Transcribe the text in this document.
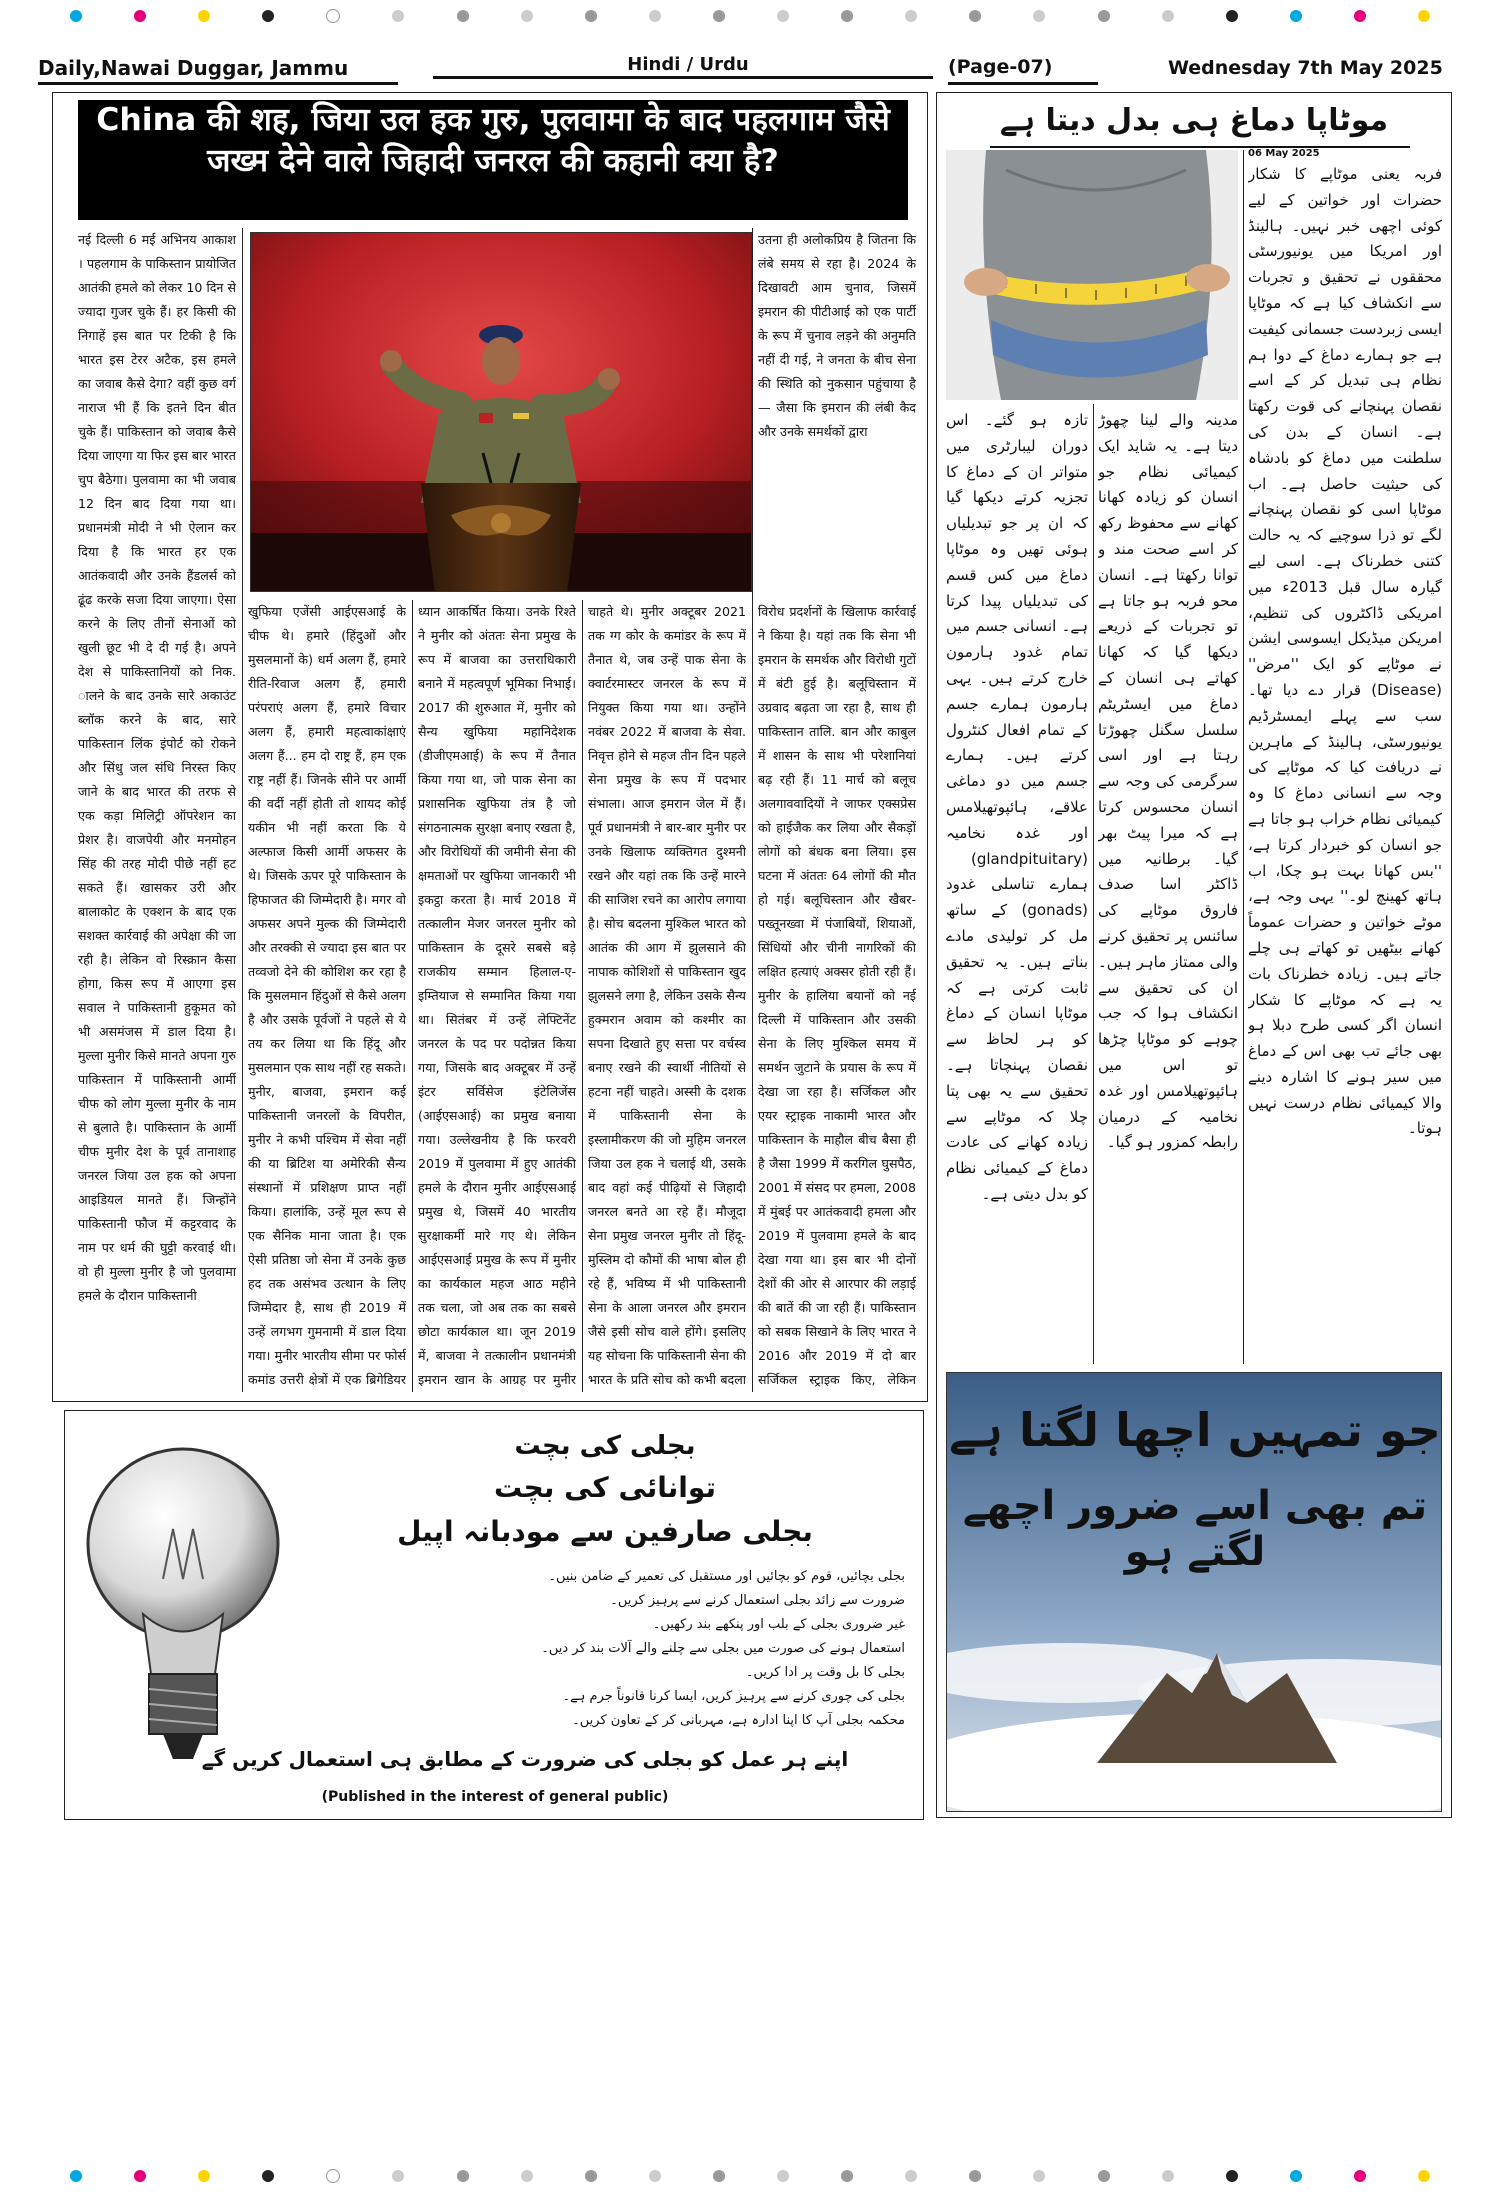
Daily,Nawai Duggar, Jammu	Hindi / Urdu	(Page-07)	Wednesday 7th May 2025
China की शह, जिया उल हक गुरु, पुलवामा के बाद पहलगाम जैसे जख्म देने वाले जिहादी जनरल की कहानी क्या है?
नई दिल्ली 6 मई अभिनय आकाश । पहलगाम के पाकिस्तान प्रायोजित आतंकी हमले को लेकर 10 दिन से ज्यादा गुजर चुके हैं। हर किसी की निगाहें इस बात पर टिकी है कि भारत इस टेरर अटैक, इस हमले का जवाब कैसे देगा? वहीं कुछ वर्ग नाराज भी हैं कि इतने दिन बीत चुके हैं। पाकिस्तान को जवाब कैसे दिया जाएगा या फिर इस बार भारत चुप बैठेगा। पुलवामा का भी जवाब 12 दिन बाद दिया गया था। प्रधानमंत्री मोदी ने भी ऐलान कर दिया है कि भारत हर एक आतंकवादी और उनके हैंडलर्स को ढूंढ करके सजा दिया जाएगा। ऐसा करने के लिए तीनों सेनाओं को खुली छूट भी दे दी गई है। अपने देश से पाकिस्तानियों को निक. ालने के बाद उनके सारे अकाउंट ब्लॉक करने के बाद, सारे पाकिस्तान लिंक इंपोर्ट को रोकने और सिंधु जल संधि निरस्त किए जाने के बाद भारत की तरफ से एक कड़ा मिलिट्री ऑपरेशन का प्रेशर है। वाजपेयी और मनमोहन सिंह की तरह मोदी पीछे नहीं हट सकते हैं। खासकर उरी और बालाकोट के एक्शन के बाद एक सशक्त कार्रवाई की अपेक्षा की जा रही है। लेकिन वो रिस्क्रान कैसा होगा, किस रूप में आएगा इस सवाल ने पाकिस्तानी हुकूमत को भी असमंजस में डाल दिया है। मुल्ला मुनीर किसे मानते अपना गुरु पाकिस्तान में पाकिस्तानी आर्मी चीफ को लोग मुल्ला मुनीर के नाम से बुलाते है। पाकिस्तान के आर्मी चीफ मुनीर देश के पूर्व तानाशाह जनरल जिया उल हक को अपना आइडियल मानते हैं। जिन्होंने पाकिस्तानी फौज में कट्टरवाद के नाम पर धर्म की घुट्टी करवाई थी। वो ही मुल्ला मुनीर है जो पुलवामा हमले के दौरान पाकिस्तानी
खुफिया एजेंसी आईएसआई के चीफ थे। हमारे (हिंदुओं और मुसलमानों के) धर्म अलग हैं, हमारे रीति-रिवाज अलग हैं, हमारी परंपराएं अलग हैं, हमारे विचार अलग हैं, हमारी महत्वाकांक्षाएं अलग हैं... हम दो राष्ट्र हैं, हम एक राष्ट्र नहीं हैं। जिनके सीने पर आर्मी की वर्दी नहीं होती तो शायद कोई यकीन भी नहीं करता कि ये अल्फाज किसी आर्मी अफसर के थे। जिसके ऊपर पूरे पाकिस्तान के हिफाजत की जिम्मेदारी है। मगर वो अफसर अपने मुल्क की जिम्मेदारी और तरक्की से ज्यादा इस बात पर तव्वजो देने की कोशिश कर रहा है कि मुसलमान हिंदुओं से कैसे अलग है और उसके पूर्वजों ने पहले से ये तय कर लिया था कि हिंदू और मुसलमान एक साथ नहीं रह सकते। मुनीर, बाजवा, इमरान कई पाकिस्तानी जनरलों के विपरीत, मुनीर ने कभी पश्चिम में सेवा नहीं की या ब्रिटिश या अमेरिकी सैन्य संस्थानों में प्रशिक्षण प्राप्त नहीं किया। हालांकि, उन्हें मूल रूप से एक सैनिक माना जाता है। एक ऐसी प्रतिष्ठा जो सेना में उनके कुछ हद तक असंभव उत्थान के लिए जिम्मेदार है, साथ ही 2019 में उन्हें लगभग गुमनामी में डाल दिया गया। मुनीर भारतीय सीमा पर फोर्स कमांड उत्तरी क्षेत्रों में एक ब्रिगेडियर
ध्यान आकर्षित किया। उनके रिश्ते ने मुनीर को अंततः सेना प्रमुख के रूप में बाजवा का उत्तराधिकारी बनाने में महत्वपूर्ण भूमिका निभाई। 2017 की शुरुआत में, मुनीर को सैन्य खुफिया महानिदेशक (डीजीएमआई) के रूप में तैनात किया गया था, जो पाक सेना का प्रशासनिक खुफिया तंत्र है जो संगठनात्मक सुरक्षा बनाए रखता है, और विरोधियों की जमीनी सेना की क्षमताओं पर खुफिया जानकारी भी इकट्ठा करता है। मार्च 2018 में तत्कालीन मेजर जनरल मुनीर को पाकिस्तान के दूसरे सबसे बड़े राजकीय सम्मान हिलाल-ए-इम्तियाज से सम्मानित किया गया था। सितंबर में उन्हें लेफ्टिनेंट जनरल के पद पर पदोन्नत किया गया, जिसके बाद अक्टूबर में उन्हें इंटर सर्विसेज इंटेलिजेंस (आईएसआई) का प्रमुख बनाया गया। उल्लेखनीय है कि फरवरी 2019 में पुलवामा में हुए आतंकी हमले के दौरान मुनीर आईएसआई प्रमुख थे, जिसमें 40 भारतीय सुरक्षाकर्मी मारे गए थे। लेकिन आईएसआई प्रमुख के रूप में मुनीर का कार्यकाल महज आठ महीने तक चला, जो अब तक का सबसे छोटा कार्यकाल था। जून 2019 में, बाजवा ने तत्कालीन प्रधानमंत्री इमरान खान के आग्रह पर मुनीर
चाहते थे। मुनीर अक्टूबर 2021 तक ग्ग कोर के कमांडर के रूप में तैनात थे, जब उन्हें पाक सेना के क्वार्टरमास्टर जनरल के रूप में नियुक्त किया गया था। उन्होंने नवंबर 2022 में बाजवा के सेवा. निवृत्त होने से महज तीन दिन पहले सेना प्रमुख के रूप में पदभार संभाला। आज इमरान जेल में हैं। पूर्व प्रधानमंत्री ने बार-बार मुनीर पर उनके खिलाफ व्यक्तिगत दुश्मनी रखने और यहां तक कि उन्हें मारने की साजिश रचने का आरोप लगाया है। सोच बदलना मुश्किल भारत को आतंक की आग में झुलसाने की नापाक कोशिशों से पाकिस्तान खुद झुलसने लगा है, लेकिन उसके सैन्य हुक्मरान अवाम को कश्मीर का सपना दिखाते हुए सत्ता पर वर्चस्व बनाए रखने की स्वार्थी नीतियों से हटना नहीं चाहते। अस्सी के दशक में पाकिस्तानी सेना के इस्लामीकरण की जो मुहिम जनरल जिया उल हक ने चलाई थी, उसके बाद वहां कई पीढ़ियों से जिहादी जनरल बनते आ रहे हैं। मौजूदा सेना प्रमुख जनरल मुनीर तो हिंदू-मुस्लिम दो कौमों की भाषा बोल ही रहे हैं, भविष्य में भी पाकिस्तानी सेना के आला जनरल और इमरान जैसे इसी सोच वाले होंगे। इसलिए यह सोचना कि पाकिस्तानी सेना की भारत के प्रति सोच को कभी बदला
उतना ही अलोकप्रिय है जितना कि लंबे समय से रहा है। 2024 के दिखावटी आम चुनाव, जिसमें इमरान की पीटीआई को एक पार्टी के रूप में चुनाव लड़ने की अनुमति नहीं दी गई, ने जनता के बीच सेना की स्थिति को नुकसान पहुंचाया है — जैसा कि इमरान की लंबी कैद और उनके समर्थकों द्वारा
विरोध प्रदर्शनों के खिलाफ कार्रवाई ने किया है। यहां तक कि सेना भी इमरान के समर्थक और विरोधी गुटों में बंटी हुई है। बलूचिस्तान में उग्रवाद बढ़ता जा रहा है, साथ ही पाकिस्तान तालि. बान और काबुल में शासन के साथ भी परेशानियां बढ़ रही हैं। 11 मार्च को बलूच अलगाववादियों ने जाफर एक्सप्रेस को हाईजैक कर लिया और सैकड़ों लोगों को बंधक बना लिया। इस घटना में अंततः 64 लोगों की मौत हो गई। बलूचिस्तान और खैबर-पख्तूनख्वा में पंजाबियों, शियाओं, सिंधियों और चीनी नागरिकों की लक्षित हत्याएं अक्सर होती रही हैं। मुनीर के हालिया बयानों को नई दिल्ली में पाकिस्तान और उसकी सेना के लिए मुश्किल समय में समर्थन जुटाने के प्रयास के रूप में देखा जा रहा है। सर्जिकल और एयर स्ट्राइक नाकामी भारत और पाकिस्तान के माहौल बीच बैसा ही है जैसा 1999 में करगिल घुसपैठ, 2001 में संसद पर हमला, 2008 में मुंबई पर आतंकवादी हमला और 2019 में पुलवामा हमले के बाद देखा गया था। इस बार भी दोनों देशों की ओर से आरपार की लड़ाई की बातें की जा रही हैं। पाकिस्तान को सबक सिखाने के लिए भारत ने 2016 और 2019 में दो बार सर्जिकल स्ट्राइक किए, लेकिन
موٹاپا دماغ ہی بدل دیتا ہے
06 May 2025
فربہ یعنی موٹاپے کا شکار حضرات اور خواتین کے لیے کوئی اچھی خبر نہیں۔ ہالینڈ اور امریکا میں یونیورسٹی محققوں نے تحقیق و تجربات سے انکشاف کیا ہے کہ موٹاپا ایسی زبردست جسمانی کیفیت ہے جو ہمارے دماغ کے دوا ہم نظام ہی تبدیل کر کے اسے نقصان پہنچانے کی قوت رکھتا ہے۔ انسان کے بدن کی سلطنت میں دماغ کو بادشاہ کی حیثیت حاصل ہے۔ اب موٹاپا اسی کو نقصان پہنچانے لگے تو ذرا سوچیے کہ یہ حالت کتنی خطرناک ہے۔ اسی لیے گیارہ سال قبل 2013ء میں امریکی ڈاکٹروں کی تنظیم، امریکن میڈیکل ایسوسی ایشن نے موٹاپے کو ایک ''مرض'' (Disease) قرار دے دیا تھا۔ سب سے پہلے ایمسٹرڈیم یونیورسٹی، ہالینڈ کے ماہرین نے دریافت کیا کہ موٹاپے کی وجہ سے انسانی دماغ کا وہ کیمیائی نظام خراب ہو جاتا ہے جو انسان کو خبردار کرتا ہے، ''بس کھانا بہت ہو چکا، اب ہاتھ کھینچ لو۔'' یہی وجہ ہے، موٹے خواتین و حضرات عموماً کھانے بیٹھیں تو کھاتے ہی چلے جاتے ہیں۔ زیادہ خطرناک بات یہ ہے کہ موٹاپے کا شکار انسان اگر کسی طرح دبلا ہو بھی جائے تب بھی اس کے دماغ میں سیر ہونے کا اشارہ دینے والا کیمیائی نظام درست نہیں ہوتا۔
مدینہ والے لینا چھوڑ دیتا ہے۔ یہ شاید ایک کیمیائی نظام جو انسان کو زیادہ کھانا کھانے سے محفوظ رکھ کر اسے صحت مند و توانا رکھتا ہے۔ انسان محو فربہ ہو جاتا ہے تو تجربات کے ذریعے دیکھا گیا کہ کھانا کھاتے ہی انسان کے دماغ میں ایسٹریٹم سلسل سگنل چھوڑتا رہتا ہے اور اسی سرگرمی کی وجہ سے انسان محسوس کرتا ہے کہ میرا پیٹ بھر گیا۔ برطانیہ میں ڈاکٹر اسا صدف فاروق موٹاپے کی سائنس پر تحقیق کرنے والی ممتاز ماہر ہیں۔ ان کی تحقیق سے انکشاف ہوا کہ جب چوہے کو موٹاپا چڑھا تو اس میں ہائپوتھیلامس اور غدہ نخامیہ کے درمیان رابطہ کمزور ہو گیا۔
تازہ ہو گئے۔ اس دوران لیبارٹری میں متواتر ان کے دماغ کا تجزیہ کرتے دیکھا گیا کہ ان پر جو تبدیلیاں ہوئی تھیں وہ موٹاپا دماغ میں کس قسم کی تبدیلیاں پیدا کرتا ہے۔ انسانی جسم میں تمام غدود ہارمون خارج کرتے ہیں۔ یہی ہارمون ہمارے جسم کے تمام افعال کنٹرول کرتے ہیں۔ ہمارے جسم میں دو دماغی علاقے، ہائپوتھیلامس اور غدہ نخامیہ (glandpituitary) ہمارے تناسلی غدود (gonads) کے ساتھ مل کر تولیدی مادے بناتے ہیں۔ یہ تحقیق ثابت کرتی ہے کہ موٹاپا انسان کے دماغ کو ہر لحاظ سے نقصان پہنچاتا ہے۔ تحقیق سے یہ بھی پتا چلا کہ موٹاپے سے زیادہ کھانے کی عادت دماغ کے کیمیائی نظام کو بدل دیتی ہے۔
جو تمہیں اچھا لگتا ہے
تم بھی اسے ضرور اچھے لگتے ہو
بجلی کی بچت
توانائی کی بچت
بجلی صارفین سے مودبانہ اپیل
بجلی بچائیں، قوم کو بچائیں اور مستقبل کی تعمیر کے ضامن بنیں۔
ضرورت سے زائد بجلی استعمال کرنے سے پرہیز کریں۔
غیر ضروری بجلی کے بلب اور پنکھے بند رکھیں۔
استعمال ہونے کی صورت میں بجلی سے چلنے والے آلات بند کر دیں۔
بجلی کا بل وقت پر ادا کریں۔
بجلی کی چوری کرنے سے پرہیز کریں، ایسا کرنا قانوناً جرم ہے۔
محکمہ بجلی آپ کا اپنا ادارہ ہے، مہربانی کر کے تعاون کریں۔
اپنے ہر عمل کو بجلی کی ضرورت کے مطابق ہی استعمال کریں گے
(Published in the interest of general public)
